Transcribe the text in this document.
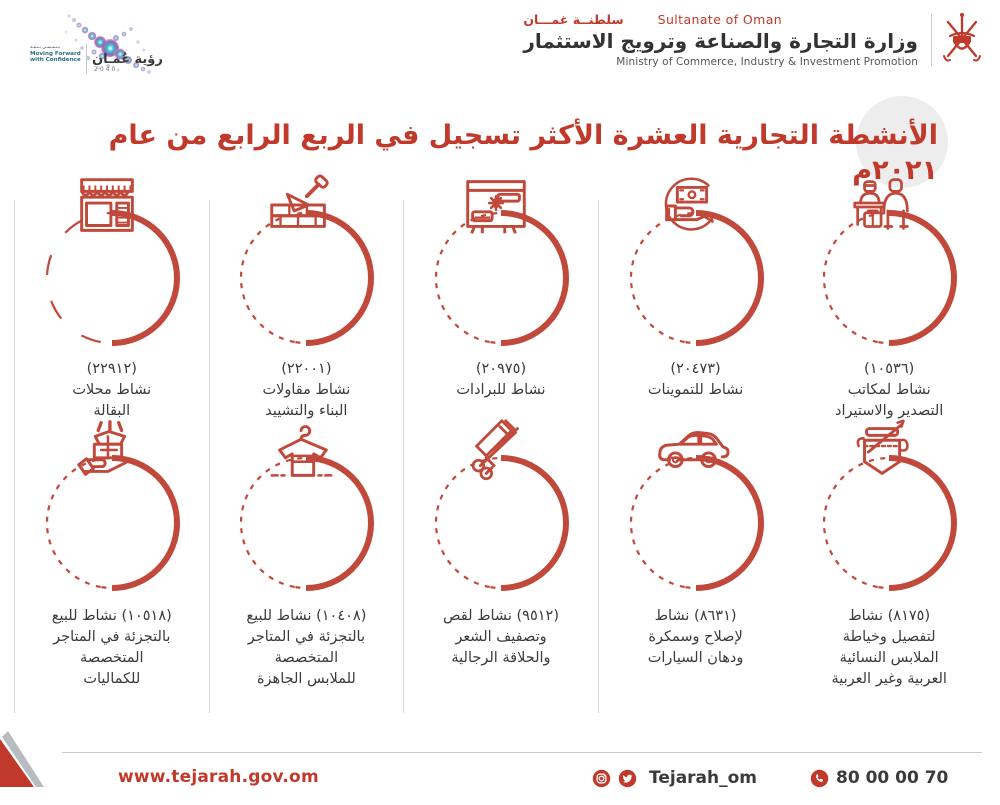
بـنـمـضـي بـثـقـة
Moving Forward
with Confidence رؤية عُمـان
2040
Sultanate of Oman
سلطنــة غمـــان
وزارة التجارة والصناعة وترويج الاستثمار
Ministry of Commerce, Industry & Investment Promotion
الأنشطة التجارية العشرة الأكثر تسجيل في الربع الرابع من عام ٢٠٢١م
(٢٢٩١٢)
نشاط محلات
البقالة
(٢٢٠٠١)
نشاط مقاولات
البناء والتشييد
(٢٠٩٧٥)
نشاط للبرادات
(٢٠٤٧٣)
نشاط للتموينات
(١٠٥٣٦)
نشاط لمكاتب
التصدير والاستيراد
(١٠٥١٨) نشاط للبيع
بالتجزئة في المتاجر
المتخصصة
للكماليات
(١٠٤٠٨) نشاط للبيع
بالتجزئة في المتاجر
المتخصصة
للملابس الجاهزة
(٩٥١٢) نشاط لقص
وتصفيف الشعر
والحلاقة الرجالية
(٨٦٣١) نشاط
لإصلاح وسمكرة
ودهان السيارات
(٨١٧٥) نشاط
لتفصيل وخياطة
الملابس النسائية
العربية وغير العربية
www.tejarah.gov.om	Tejarah_om	80 00 00 70
